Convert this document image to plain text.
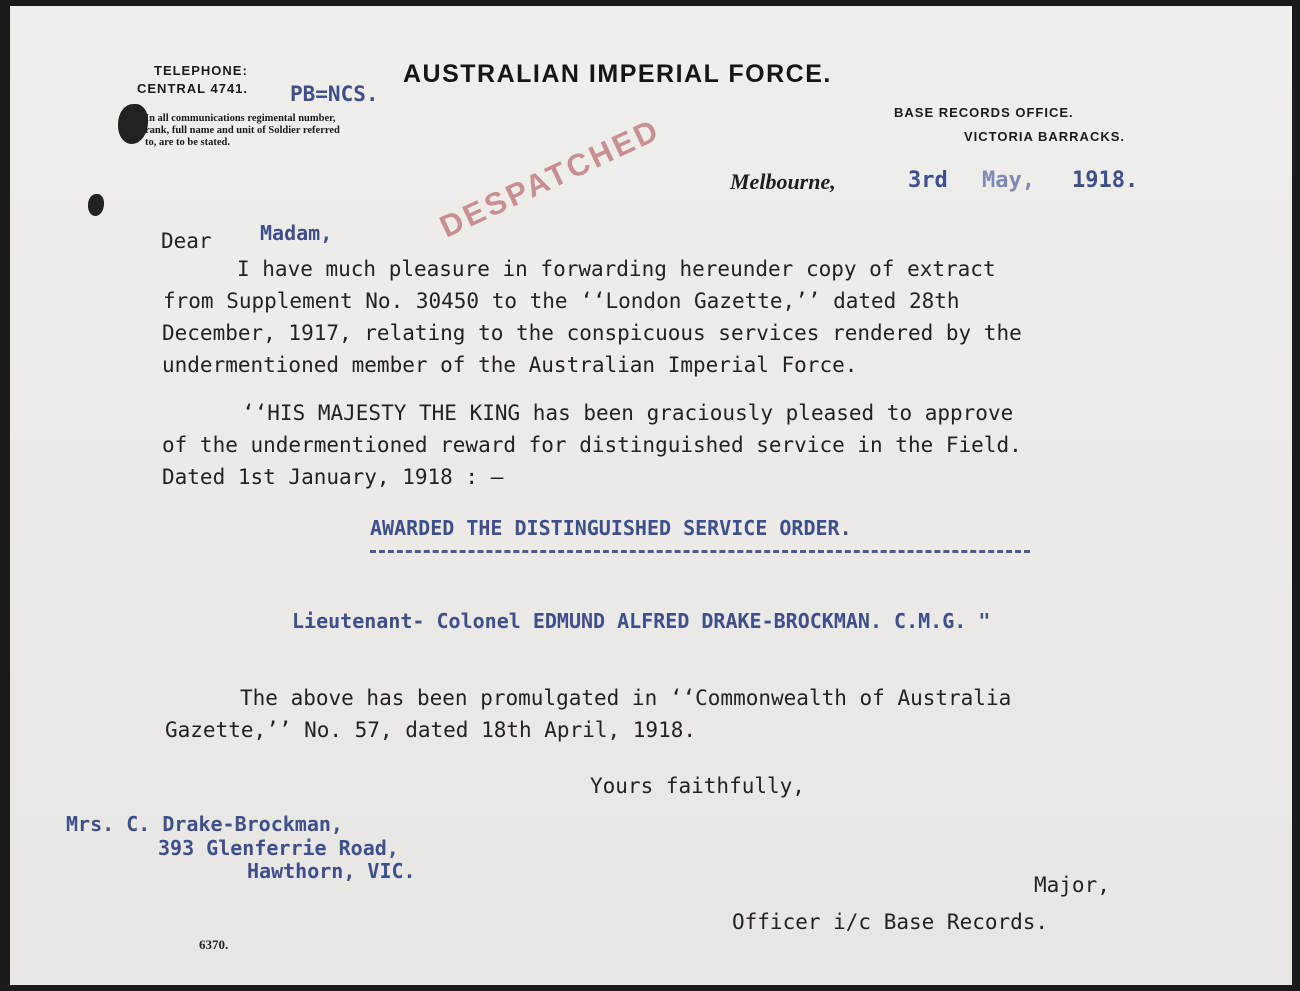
TELEPHONE:
CENTRAL 4741. PB=NCS.
AUSTRALIAN IMPERIAL FORCE.
BASE RECORDS OFFICE.
VICTORIA BARRACKS.
In all communications regimental number,
rank, full name and unit of Soldier referred
to, are to be stated.	DESPATCHED	Melbourne,	3rd May, 1918.
Dear Madam,
I have much pleasure in forwarding hereunder copy of extract
from Supplement No. 30450 to the ‘‘London Gazette,’’ dated 28th
December, 1917, relating to the conspicuous services rendered by the
undermentioned member of the Australian Imperial Force.
‘‘HIS MAJESTY THE KING has been graciously pleased to approve
of the undermentioned reward for distinguished service in the Field.
Dated 1st January, 1918 : —
AWARDED THE DISTINGUISHED SERVICE ORDER.
Lieutenant- Colonel EDMUND ALFRED DRAKE-BROCKMAN. C.M.G. "
The above has been promulgated in ‘‘Commonwealth of Australia
Gazette,’’ No. 57, dated 18th April, 1918.
Yours faithfully,
Mrs. C. Drake-Brockman,
393 Glenferrie Road,
Hawthorn, VIC.
Major,
Officer i/c Base Records.
6370.
